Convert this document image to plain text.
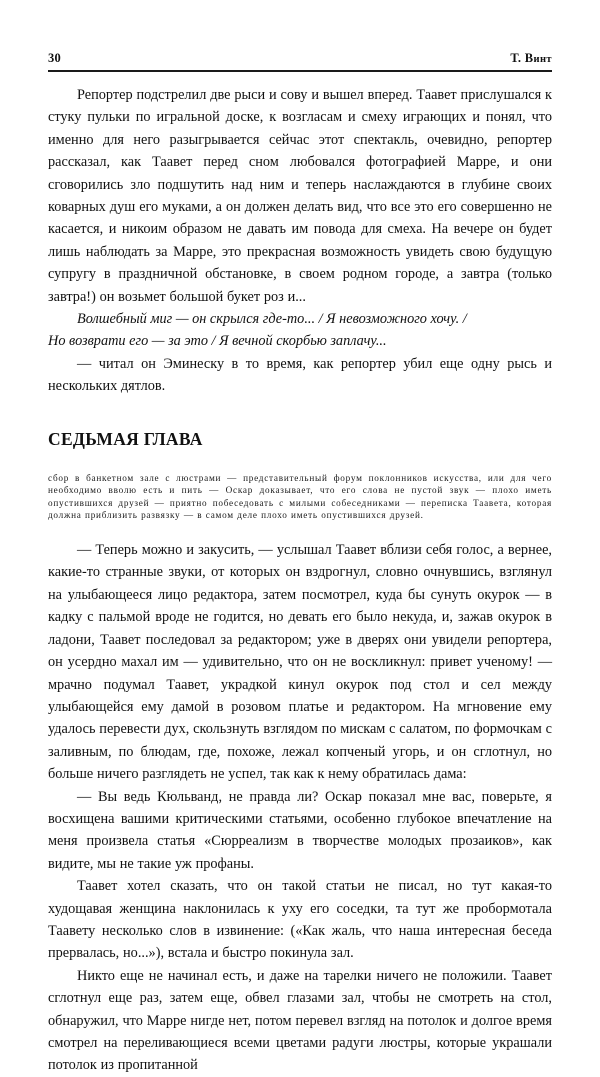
30	Т. Винт

Репортер подстрелил две рыси и сову и вышел вперед. Таавет прислушался к стуку пульки по игральной доске, к возгласам и смеху играющих и понял, что именно для него разыгрывается сейчас этот спектакль, очевидно, репортер рассказал, как Таавет перед сном любовался фотографией Марре, и они сговорились зло подшутить над ним и теперь наслаждаются в глубине своих коварных душ его муками, а он должен делать вид, что все это его совершенно не касается, и никоим образом не давать им повода для смеха. На вечере он будет лишь наблюдать за Марре, это прекрасная возможность увидеть свою будущую супругу в праздничной обстановке, в своем родном городе, а завтра (только завтра!) он возьмет большой букет роз и...

Волшебный миг — он скрылся где-то... / Я невозможного хочу. /

Но возврати его — за это / Я вечной скорбью заплачу...

— читал он Эминеску в то время, как репортер убил еще одну рысь и нескольких дятлов.

СЕДЬМАЯ ГЛАВА

сбор в банкетном зале с люстрами — представительный форум поклонников искусства, или для чего необходимо вволю есть и пить — Оскар доказывает, что его слова не пустой звук — плохо иметь опустившихся друзей — приятно побеседовать с милыми собеседниками — переписка Таавета, которая должна приблизить развязку — в самом деле плохо иметь опустившихся друзей.

— Теперь можно и закусить, — услышал Таавет вблизи себя голос, а вернее, какие-то странные звуки, от которых он вздрогнул, словно очнувшись, взглянул на улыбающееся лицо редактора, затем посмотрел, куда бы сунуть окурок — в кадку с пальмой вроде не годится, но девать его было некуда, и, зажав окурок в ладони, Таавет последовал за редактором; уже в дверях они увидели репортера, он усердно махал им — удивительно, что он не воскликнул: привет ученому! — мрачно подумал Таавет, украдкой кинул окурок под стол и сел между улыбающейся ему дамой в розовом платье и редактором. На мгновение ему удалось перевести дух, скользнуть взглядом по мискам с салатом, по формочкам с заливным, по блюдам, где, похоже, лежал копченый угорь, и он сглотнул, но больше ничего разглядеть не успел, так как к нему обратилась дама:

— Вы ведь Кюльванд, не правда ли? Оскар показал мне вас, поверьте, я восхищена вашими критическими статьями, особенно глубокое впечатление на меня произвела статья «Сюрреализм в творчестве молодых прозаиков», как видите, мы не такие уж профаны.

Таавет хотел сказать, что он такой статьи не писал, но тут какая-то худощавая женщина наклонилась к уху его соседки, та тут же пробормотала Таавету несколько слов в извинение: («Как жаль, что наша интересная беседа прервалась, но...»), встала и быстро покинула зал.

Никто еще не начинал есть, и даже на тарелки ничего не положили. Таавет сглотнул еще раз, затем еще, обвел глазами зал, чтобы не смотреть на стол, обнаружил, что Марре нигде нет, потом перевел взгляд на потолок и долгое время смотрел на переливающиеся всеми цветами радуги люстры, которые украшали потолок из пропитанной
